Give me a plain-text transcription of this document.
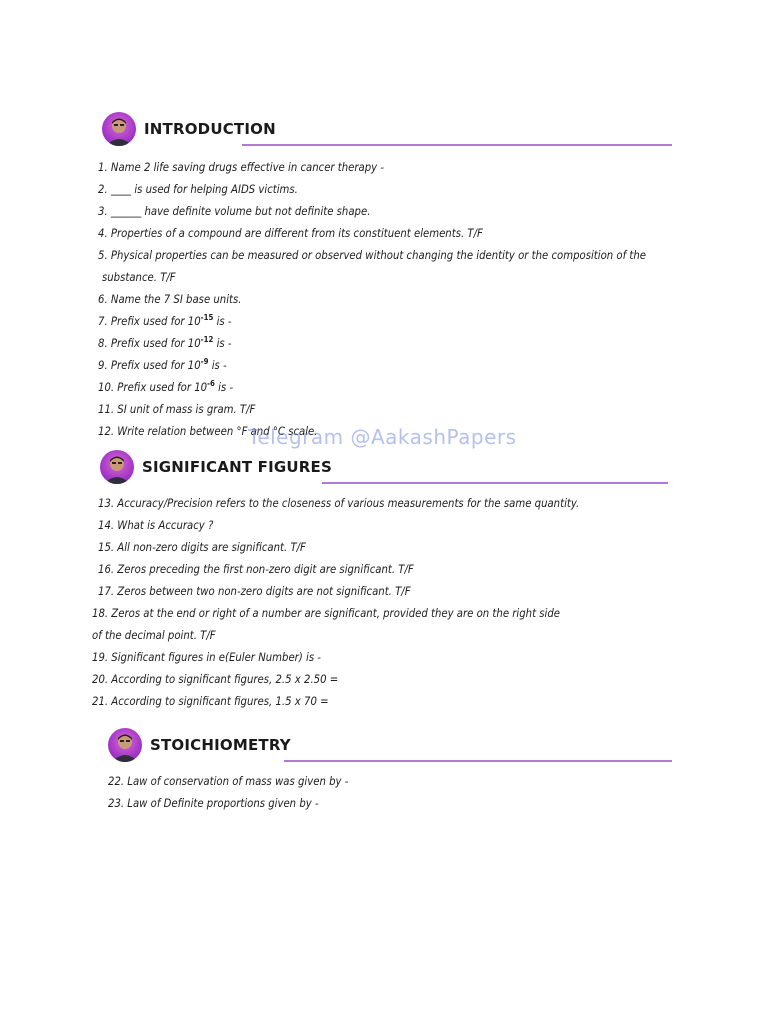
INTRODUCTION
1. Name 2 life saving drugs effective in cancer therapy -
2. ____ is used for helping AIDS victims.
3. ______ have definite volume but not definite shape.
4. Properties of a compound are different from its constituent elements. T/F
5. Physical properties can be measured or observed without changing the identity or the composition of the
substance. T/F
6. Name the 7 SI base units.
7. Prefix used for $10^{-15}$ is -
8. Prefix used for $10^{-12}$ is -
9. Prefix used for $10^{-9}$ is -
10. Prefix used for $10^{-6}$ is -
11. SI unit of mass is gram. T/F
12. Write relation between °F and °C scale.
Telegram @AakashPapers
SIGNIFICANT FIGURES
13. Accuracy/Precision refers to the closeness of various measurements for the same quantity.
14. What is Accuracy ?
15. All non-zero digits are significant. T/F
16. Zeros preceding the first non-zero digit are significant. T/F
17. Zeros between two non-zero digits are not significant. T/F
18. Zeros at the end or right of a number are significant, provided they are on the right side
of the decimal point. T/F
19. Significant figures in e(Euler Number) is -
20. According to significant figures, 2.5 x 2.50 =
21. According to significant figures, 1.5 x 70 =
STOICHIOMETRY
22. Law of conservation of mass was given by -
23. Law of Definite proportions given by -
